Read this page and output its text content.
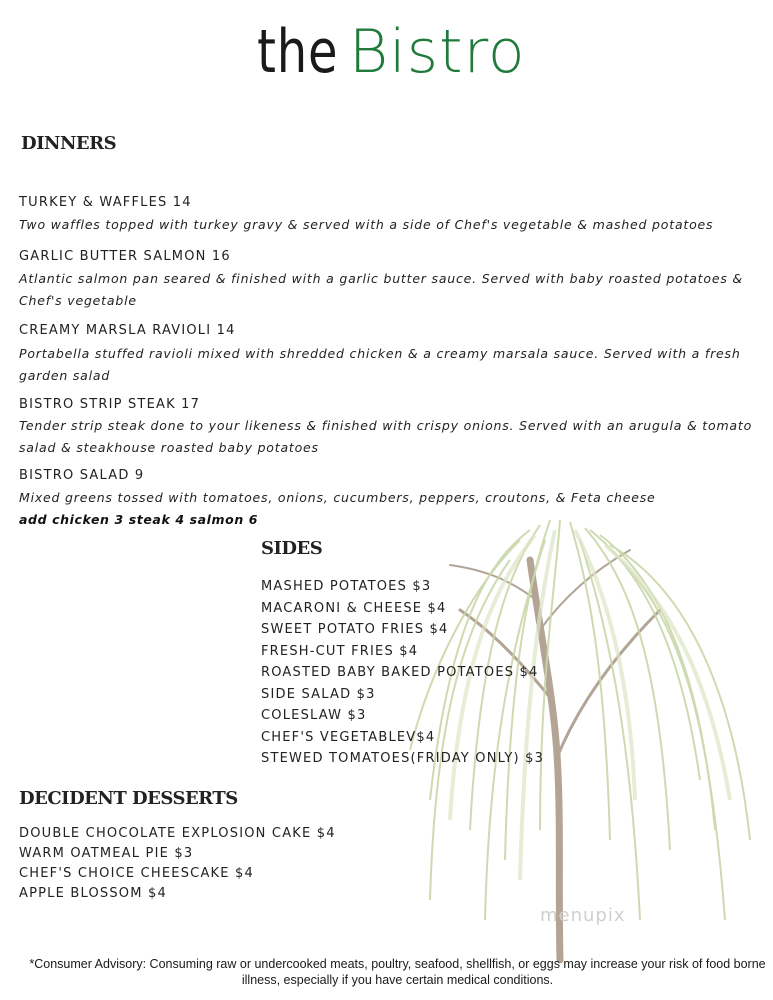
the Bistro
DINNERS
TURKEY & WAFFLES 14
Two waffles topped with turkey gravy & served with a side of Chef's vegetable & mashed potatoes
GARLIC BUTTER SALMON 16
Atlantic salmon pan seared & finished with a garlic butter sauce. Served with baby roasted potatoes & Chef's vegetable
CREAMY MARSLA RAVIOLI 14
Portabella stuffed ravioli mixed with shredded chicken & a creamy marsala sauce. Served with a fresh garden salad
BISTRO STRIP STEAK 17
Tender strip steak done to your likeness & finished with crispy onions. Served with an arugula & tomato salad & steakhouse roasted baby potatoes
BISTRO SALAD 9
Mixed greens tossed with tomatoes, onions, cucumbers, peppers, croutons, & Feta cheese
add chicken 3 steak 4 salmon 6
SIDES
MASHED POTATOES $3
MACARONI & CHEESE $4
SWEET POTATO FRIES $4
FRESH-CUT FRIES $4
ROASTED BABY BAKED POTATOES $4
SIDE SALAD $3
COLESLAW $3
CHEF'S VEGETABLEV$4
STEWED TOMATOES(FRIDAY ONLY) $3
DECIDENT DESSERTS
DOUBLE CHOCOLATE EXPLOSION CAKE $4
WARM OATMEAL PIE $3
CHEF'S CHOICE CHEESCAKE $4
APPLE BLOSSOM $4
menupix
*Consumer Advisory: Consuming raw or undercooked meats, poultry, seafood, shellfish, or eggs may increase your risk of food borne illness, especially if you have certain medical conditions.
